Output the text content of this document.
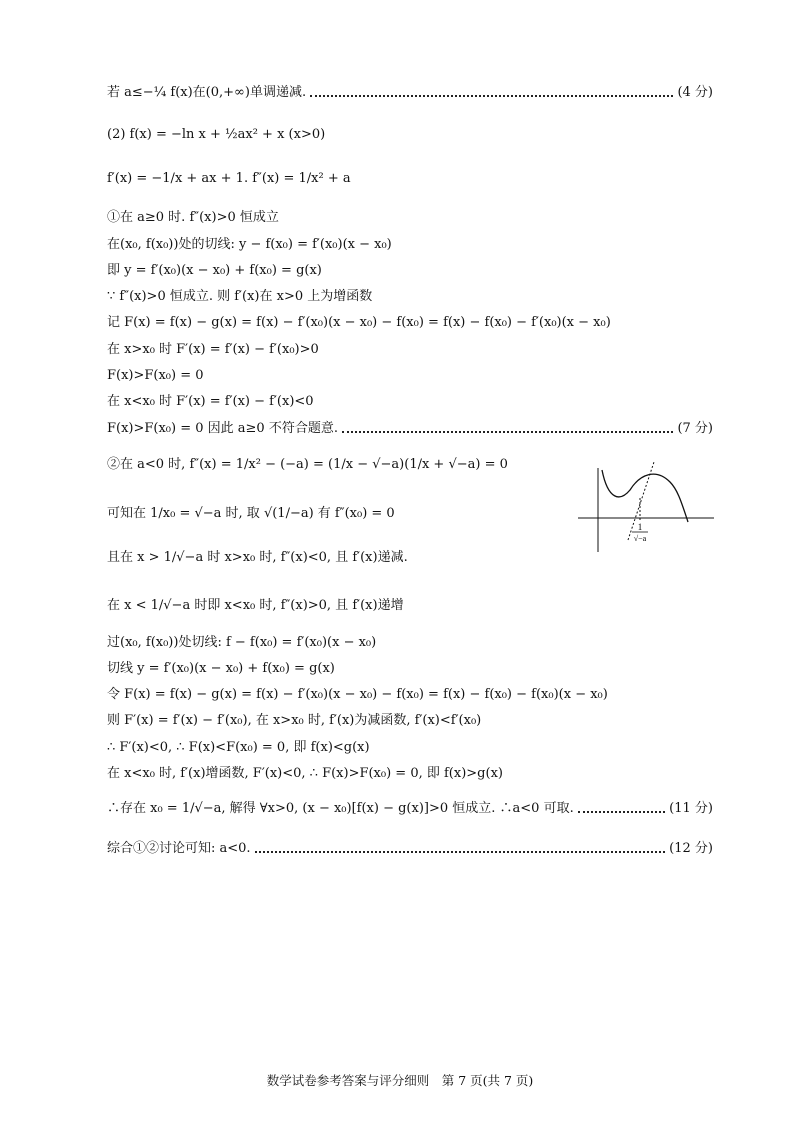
若 a≤−¼ f(x)在(0,+∞)单调递减.	(4 分)
(2) f(x) = −ln x + ½ax² + x (x>0)
f′(x) = −1/x + ax + 1. f″(x) = 1/x² + a
①在 a≥0 时. f″(x)>0 恒成立
在(x₀, f(x₀))处的切线: y − f(x₀) = f′(x₀)(x − x₀)
即 y = f′(x₀)(x − x₀) + f(x₀) = g(x)
∵ f″(x)>0 恒成立. 则 f′(x)在 x>0 上为增函数
记 F(x) = f(x) − g(x) = f(x) − f′(x₀)(x − x₀) − f(x₀) = f(x) − f(x₀) − f′(x₀)(x − x₀)
在 x>x₀ 时 F′(x) = f′(x) − f′(x₀)>0
F(x)>F(x₀) = 0
在 x<x₀ 时 F′(x) = f′(x) − f′(x)<0
F(x)>F(x₀) = 0 因此 a≥0 不符合题意.	(7 分)
②在 a<0 时, f″(x) = 1/x² − (−a) = (1/x − √−a)(1/x + √−a) = 0
可知在 1/x₀ = √−a 时, 取 √(1/−a) 有 f″(x₀) = 0
且在 x > 1/√−a 时 x>x₀ 时, f″(x)<0, 且 f′(x)递减.
在 x < 1/√−a 时即 x<x₀ 时, f″(x)>0, 且 f′(x)递增
过(x₀, f(x₀))处切线: f − f(x₀) = f′(x₀)(x − x₀)
切线 y = f′(x₀)(x − x₀) + f(x₀) = g(x)
令 F(x) = f(x) − g(x) = f(x) − f′(x₀)(x − x₀) − f(x₀) = f(x) − f(x₀) − f(x₀)(x − x₀)
则 F′(x) = f′(x) − f′(x₀), 在 x>x₀ 时, f′(x)为减函数, f′(x)<f′(x₀)
∴ F′(x)<0, ∴ F(x)<F(x₀) = 0, 即 f(x)<g(x)
在 x<x₀ 时, f′(x)增函数, F′(x)<0, ∴ F(x)>F(x₀) = 0, 即 f(x)>g(x)
∴存在 x₀ = 1/√−a, 解得 ∀x>0, (x − x₀)[f(x) − g(x)]>0 恒成立. ∴a<0 可取.	(11 分)
综合①②讨论可知: a<0.	(12 分)
1
√−a
数学试卷参考答案与评分细则　第 7 页(共 7 页)
